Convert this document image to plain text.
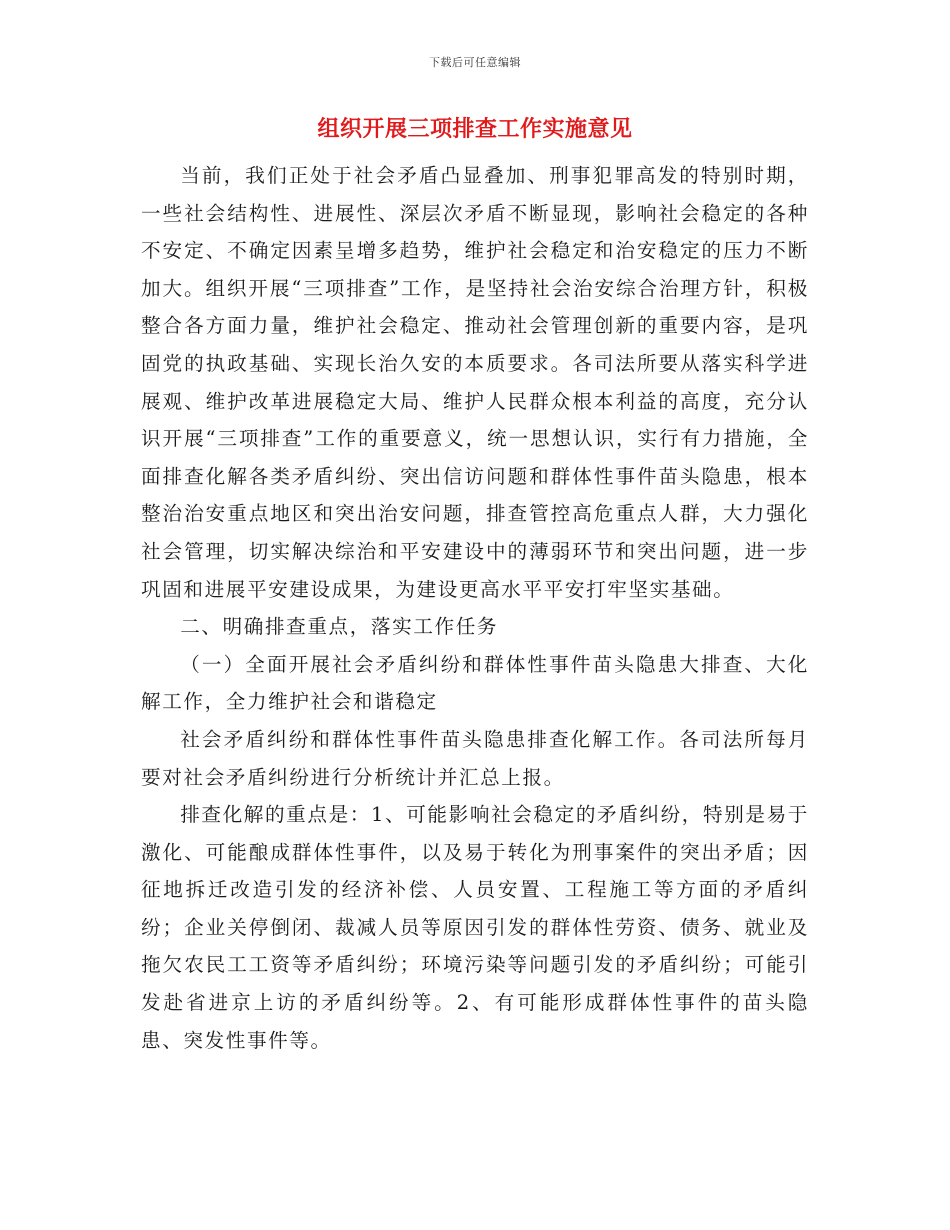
下载后可任意编辑
组织开展三项排查工作实施意见

当前，我们正处于社会矛盾凸显叠加、刑事犯罪高发的特别时期，一些社会结构性、进展性、深层次矛盾不断显现，影响社会稳定的各种不安定、不确定因素呈增多趋势，维护社会稳定和治安稳定的压力不断加大。组织开展“三项排查”工作，是坚持社会治安综合治理方针，积极整合各方面力量，维护社会稳定、推动社会管理创新的重要内容，是巩固党的执政基础、实现长治久安的本质要求。各司法所要从落实科学进展观、维护改革进展稳定大局、维护人民群众根本利益的高度，充分认识开展“三项排查”工作的重要意义，统一思想认识，实行有力措施，全面排查化解各类矛盾纠纷、突出信访问题和群体性事件苗头隐患，根本整治治安重点地区和突出治安问题，排查管控高危重点人群，大力强化社会管理，切实解决综治和平安建设中的薄弱环节和突出问题，进一步巩固和进展平安建设成果，为建设更高水平平安打牢坚实基础。

二、明确排查重点，落实工作任务

（一）全面开展社会矛盾纠纷和群体性事件苗头隐患大排查、大化解工作，全力维护社会和谐稳定

社会矛盾纠纷和群体性事件苗头隐患排查化解工作。各司法所每月要对社会矛盾纠纷进行分析统计并汇总上报。

排查化解的重点是：1、可能影响社会稳定的矛盾纠纷，特别是易于激化、可能酿成群体性事件，以及易于转化为刑事案件的突出矛盾；因征地拆迁改造引发的经济补偿、人员安置、工程施工等方面的矛盾纠纷；企业关停倒闭、裁减人员等原因引发的群体性劳资、债务、就业及拖欠农民工工资等矛盾纠纷；环境污染等问题引发的矛盾纠纷；可能引发赴省进京上访的矛盾纠纷等。2、有可能形成群体性事件的苗头隐患、突发性事件等。
